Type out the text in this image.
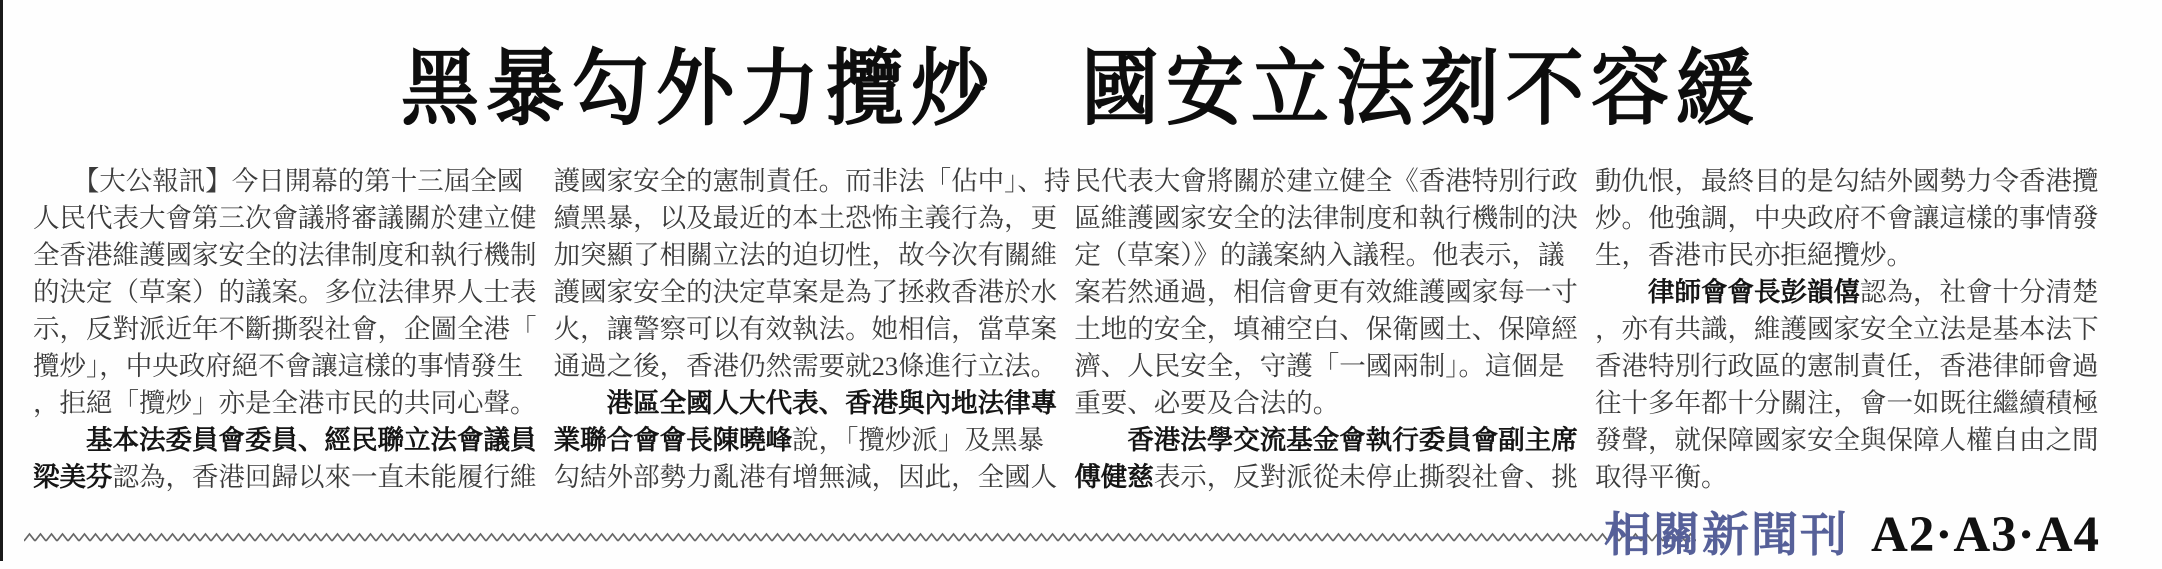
黑暴勾外力攬炒　國安立法刻不容緩
　　【大公報訊】今日開幕的第十三屆全國
人民代表大會第三次會議將審議關於建立健
全香港維護國家安全的法律制度和執行機制
的決定（草案）的議案。多位法律界人士表
示，反對派近年不斷撕裂社會，企圖全港「
攬炒」，中央政府絕不會讓這樣的事情發生
，拒絕「攬炒」亦是全港市民的共同心聲。
　　基本法委員會委員、經民聯立法會議員
梁美芬認為，香港回歸以來一直未能履行維
護國家安全的憲制責任。而非法「佔中」、持
續黑暴，以及最近的本土恐怖主義行為，更
加突顯了相關立法的迫切性，故今次有關維
護國家安全的決定草案是為了拯救香港於水
火，讓警察可以有效執法。她相信，當草案
通過之後，香港仍然需要就23條進行立法。
　　港區全國人大代表、香港與內地法律專
業聯合會會長陳曉峰說，「攬炒派」及黑暴
勾結外部勢力亂港有增無減，因此，全國人
民代表大會將關於建立健全《香港特別行政
區維護國家安全的法律制度和執行機制的決
定（草案）》的議案納入議程。他表示，議
案若然通過，相信會更有效維護國家每一寸
土地的安全，填補空白、保衛國土、保障經
濟、人民安全，守護「一國兩制」。這個是
重要、必要及合法的。
　　香港法學交流基金會執行委員會副主席
傅健慈表示，反對派從未停止撕裂社會、挑
動仇恨，最終目的是勾結外國勢力令香港攬
炒。他強調，中央政府不會讓這樣的事情發
生，香港市民亦拒絕攬炒。
　　律師會會長彭韻僖認為，社會十分清楚
，亦有共識，維護國家安全立法是基本法下
香港特別行政區的憲制責任，香港律師會過
往十多年都十分關注，會一如既往繼續積極
發聲，就保障國家安全與保障人權自由之間
取得平衡。
相關新聞刊 A2·A3·A4
